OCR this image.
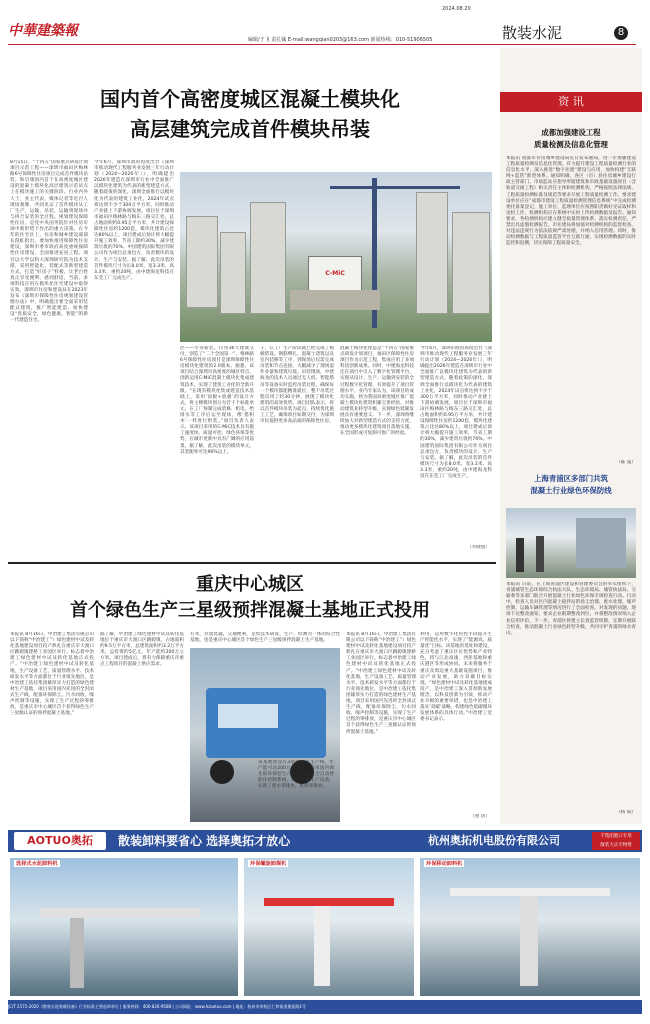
中華建築報
2024.08.20
编辑/于飞 责扎铖 E-mail:wangqian0203@163.com 新闻热线：010-51906505	散装水泥	8
国内首个高密度城区混凝土模块化
高层建筑完成首件模块吊装
8月15日，“十四五”国家重点研发计划项目示范工程——深圳市福田区梅林路6号保障性住房项目完成首件模块吊装。和启康国内首个在高密度城区建设的混凝土模块化高层建筑示范试点上在模块施工的关键阶段。行业内外人士，业主代表，媒体记者等近百人现场观摩，共同见证了首件模块从工厂生产，运输，吊装，运输到现场并与拼合安装的全过程。规划建设保障性住房，是党中央国务院针对住房市场中新形势下作出的重大决策，在今年的住宅区上，住房和城乡建设部部长倪虹指出，要加快推进保障性住房建设，深圳市委市政府高度重视保障性住房建设，全面推进安居工程。项目以大学以科大深圳研究院为技术支撑，采用智能化、装配式等新型建造方式，打造“好房子”样板，让老百姓真正享受便利，感到舒适，当前，多项科技应用在模块化住宅建设中取得实效。深圳市住房和建设局在2023年发布《深圳市保障性住房规划建设管理办法》中，明确提出要全面采用装配式建筑，推广智能建造，加快建设“优质安全，绿色健康，智能”的新一代建造住宅。
今年6月，深圳市政府再度出台《深圳市推动现代工程服务业发展三年行动计划（2024—2026年）》，明确提出2026年建造在深圳市行业中全面推广以模块化建筑为代表的新型建造方式，随着政策的深化，深圳全面推行以模块化为代表的建筑工业化，2024年试点将达到不少于300万平方米，同时推动产业链上下游协调发展。项目位于深圳市福田区梅林路与梅东三路交汇处，总占地面积约0.95万平方米，共计建设保障性住房约1200套，模块化建筑占比达80%以上，项目建成后预计将大幅提升施工效率，节省工期约30%，减少建筑垃圾约70%。中国建筑国际集团有限公司作为项目总承包方，负责模块的设计、生产与安装。据了解，此次吊装的首件模块尺寸为长8.0米、宽3.3米、高3.3米，重约20吨，由中建海龙科技在东莞工厂完成生产。
C-MiC
层——毕业新装。仅用36天建成交付，创造了“二个全国第一”，梅林路6号保障性住房项目是深圳保障性住房模块化建筑的2.0版本。据悉，该项目结合深圳市高密度的城区特点，创新运用C-MiC混凝土模块化集成建筑技术，实现了建筑工业化的全新升级。“在现有模块化集成建造技术基础上，采用‘顶板+底板’的设计方式，将主楼模块划分为若干个标准单元，在工厂预制完成装修、机电、给排水等工序后运至现场，像‘搭积木’一样进行组装。”项目负责人表示。该项目采用的C-MiC技术具有施工速度快、质量可控、绿色环保等优势，在城市更新中具有广阔的应用前景。据了解，此次吊装的模块单元，其装配率可达90%以上。
子，在工厂生产阶段就已经完成了模板搭设、钢筋绑扎、混凝土浇筑以及室内装修等工序，到现场后仅需完成吊装和节点连接，大幅减少了现场湿作业量和建筑垃圾。吊装现场，中建海龙的技术人员通过无人机、智能塔吊等设备实时监控吊装过程，确保每一个模块都能精准就位。整个吊装过程仅用了约30分钟，展现了模块化建筑的高效优势。项目团队表示，将以首件模块吊装为起点，持续优化施工工艺，确保项目如期交付，为深圳市民提供更多高品质的保障性住房。
混凝土模块化建造是“十四五”国家重点研发计划项目，福田区保障性住房项目作为示范工程，集成应用了多项科技创新成果。同时，中建海龙科技还在项目中引入了数字化管理平台，实现从设计、生产、运输到安装的全过程数字化管理，有效提升了项目管理水平。业内专家认为，该项目的成功实施，将为我国高密度城区推广混凝土模块化建筑积累宝贵经验，对推动建筑业转型升级、实现绿色低碳发展具有重要意义。下一步，深圳将继续加大对新型建造方式的支持力度，推动更多模块化建筑项目落地实施，在全国形成可复制可推广的经验。
今年6月，深圳市政府再度出台《深圳市推动现代工程服务业发展三年行动计划（2024—2026年）》，明确提出2026年建造在深圳市行业中全面推广以模块化建筑为代表的新型建造方式，随着政策的深化，深圳全面推行以模块化为代表的建筑工业化，2024年试点将达到不少于300万平方米，同时推动产业链上下游协调发展。项目位于深圳市福田区梅林路与梅东三路交汇处，总占地面积约0.95万平方米，共计建设保障性住房约1200套，模块化建筑占比达80%以上，项目建成后预计将大幅提升施工效率，节省工期约30%，减少建筑垃圾约70%。中国建筑国际集团有限公司作为项目总承包方，负责模块的设计、生产与安装。据了解，此次吊装的首件模块尺寸为长8.0米、宽3.3米、高3.3米，重约20吨，由中建海龙科技在东莞工厂完成生产。
（李晓旭）
重庆中心城区
首个绿色生产三星级预拌混凝土基地正式投用
本报讯 8月16日，中冶建工集团有限公司以下简称“中冶建工”）绿色建材中试及转化基地建设项目投产典礼在重庆市大渡口区跳磴镇建桥工业园区举行。标志着中冶建工绿色建材中试及转化基地正式投产。“中冶建工绿色建材中试及转化基地，生产设备工艺、质量管理水平、技术研发水平等方面都位于行业领先地位，是中冶建工依托集团雄厚实力打造的绿色建材生产基地，项目采用国内先进的全封闭式生产线，配备环保除尘、污水回收、噪声控制等设施，实现了生产过程的零排放，是重庆市中心城区首个获得绿色生产三星级认证的预拌混凝土基地。”
据了解，中冶建工绿色建材中试及转化基地位于重庆市大渡口区跳磴镇，占地面积约9.5万平方米，总建筑面积约3.2万平方米，总投资约5亿元，年产能约200万立方米。项目建成后，将有力保障重庆市重点工程项目的混凝土供应需求。
方米，位置优越，交通便利，是集技术研发、生产、检测为一体的综合性基地。也是重庆中心城区首个绿色生产三星级预拌混凝土生产基地。
该基地建设有3条混凝土生产线，年产能可达200万立方米，采用国内领先的环保型生产工艺，配套全自动智能化控制系统，绿色环保生产设备，实现了废水零排放、废渣零排放。
本报讯 8月16日，中冶建工集团有限公司以下简称“中冶建工”）绿色建材中试及转化基地建设项目投产典礼在重庆市大渡口区跳磴镇建桥工业园区举行。标志着中冶建工绿色建材中试及转化基地正式投产。“中冶建工绿色建材中试及转化基地，生产设备工艺、质量管理水平、技术研发水平等方面都位于行业领先地位，是中冶建工依托集团雄厚实力打造的绿色建材生产基地，项目采用国内先进的全封闭式生产线，配备环保除尘、污水回收、噪声控制等设施，实现了生产过程的零排放，是重庆市中心城区首个获得绿色生产三星级认证的预拌混凝土基地。”
利用，运用数字化管控手段提升生产智能化水平，实现了“能源高、质量优”目标。该基地的选址和建设，充分考虑了重庆区位优势和产业特色，将与江北高速、西彭基地和重庆港区等形成协同。未来将服务于重庆及周边重大基础设施项目，推动产业发展，助力双碳目标实现。“绿色建材中试及转化基地建成投产，是中冶建工深入贯彻新发展理念，以科技创新为引领，推动产业升级的重要举措，也是中冶建工落实‘双碳’战略，构建绿色低碳循环发展体系的具体行动。”中冶建工党委书记表示。
（重 清）
资 讯
成都加强建设工程
质量检测及信息化管理
本报讯 成都市住房城乡建设局近日发布通知，进一步加强建设工程质量检测及信息化管理。有力提升建设工程质量检测行业的信息化水平，深入推进“数字住建”建设与应用，加快构建“互联网+监管”新型体系。通知明确，各区（市）县住房城乡建设行政主管部门、市质监站应指导所辖建筑和市政基础设施项目（含轨道交通工程）相关责任主体和检测机构，严格按照法律法规、工程质量检测标准及规范等要求开展工程质量检测工作。要求建设单位应在“成都市建设工程质量检测管理信息系统”中完成检测委托备案登记，施工单位、监理单位应按照职责做好见证取样和送检工作，检测机构应在系统中实时上传检测数据及报告。通知要求，各检测机构应建立健全质量管理体系，落实检测责任，严禁出具虚假检测报告。市住建局将加强对检测机构的监督检查，对违法违规行为依法依规严肃处理，并纳入信用管理。同时，推动检测数据与工程质量监管平台互联互通，实现检测数据的实时监控和追溯，切实保障工程质量安全。
（陈 曼）
上海青浦区多部门共筑
混凝土行业绿色环保防线
本报讯 日前，在上海青浦区建设和管理委员会的牵头组织下，青浦城管生态环境综合执法大队、生态环境局、城管执法局、交通委等多部门联合开展混凝土行业绿色环保专项检查行动。行动中，检查人员对区内混凝土搅拌站的扬尘治理、废水处理、噪声控制、运输车辆管理等情况进行了全面检查。对发现的问题，现场下达整改通知，要求企业限期整改到位，并将整改情况纳入企业信用评价。下一步，青浦区将建立长效监管机制，定期开展联合检查，推动混凝土行业绿色转型升级，共同守护青浦的绿水青山。
（杨 斌）
AOTUO奥拓	散装卸料要省心 选择奥拓才放心	杭州奥拓机电股份有限公司	千集团港口专用
散装大庆专物资
选择式水泥卸料机	环保螺旋卸煤机	环保移动卸料机
JC/T 2575-2020《散装水泥装载设备》行业标准主要起草单位 | 服务热线：400-826-9588 | 公司网址：www.hzaotuo.com | 地址：杭州市余杭区仁和街道奥拓路1号
